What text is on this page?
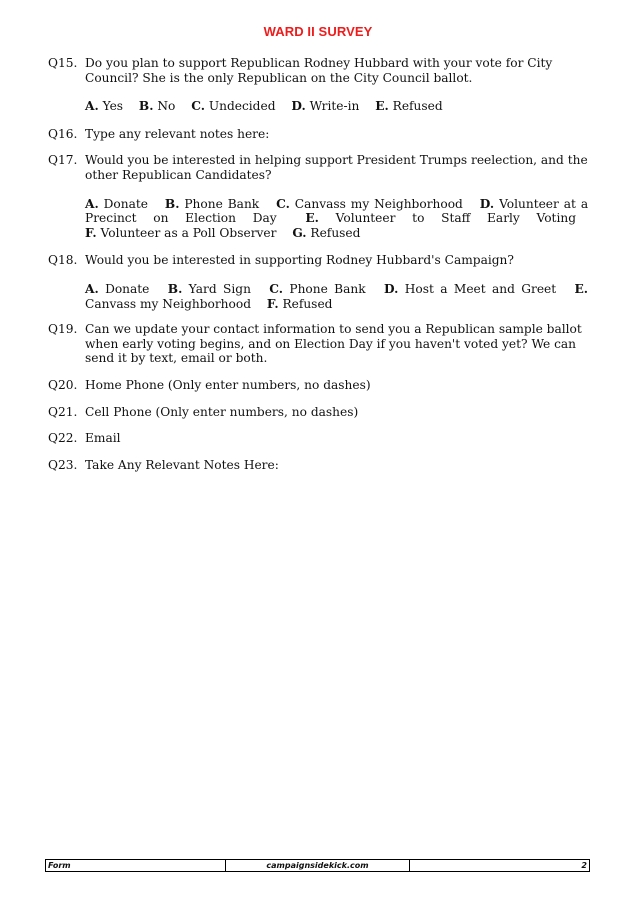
WARD II SURVEY
Q15. Do you plan to support Republican Rodney Hubbard with your vote for City Council? She is the only Republican on the City Council ballot.
A. Yes B. No C. Undecided D. Write-in E. Refused
Q16. Type any relevant notes here:
Q17. Would you be interested in helping support President Trumps reelection, and the other Republican Candidates?
A. Donate B. Phone Bank C. Canvass my Neighborhood D. Volunteer at a Precinct on Election Day E. Volunteer to Staff Early Voting F. Volunteer as a Poll Observer G. Refused
Q18. Would you be interested in supporting Rodney Hubbard's Campaign?
A. Donate B. Yard Sign C. Phone Bank D. Host a Meet and Greet E. Canvass my Neighborhood F. Refused
Q19. Can we update your contact information to send you a Republican sample ballot when early voting begins, and on Election Day if you haven't voted yet? We can send it by text, email or both.
Q20. Home Phone (Only enter numbers, no dashes)
Q21. Cell Phone (Only enter numbers, no dashes)
Q22. Email
Q23. Take Any Relevant Notes Here:
Form	campaignsidekick.com	2
